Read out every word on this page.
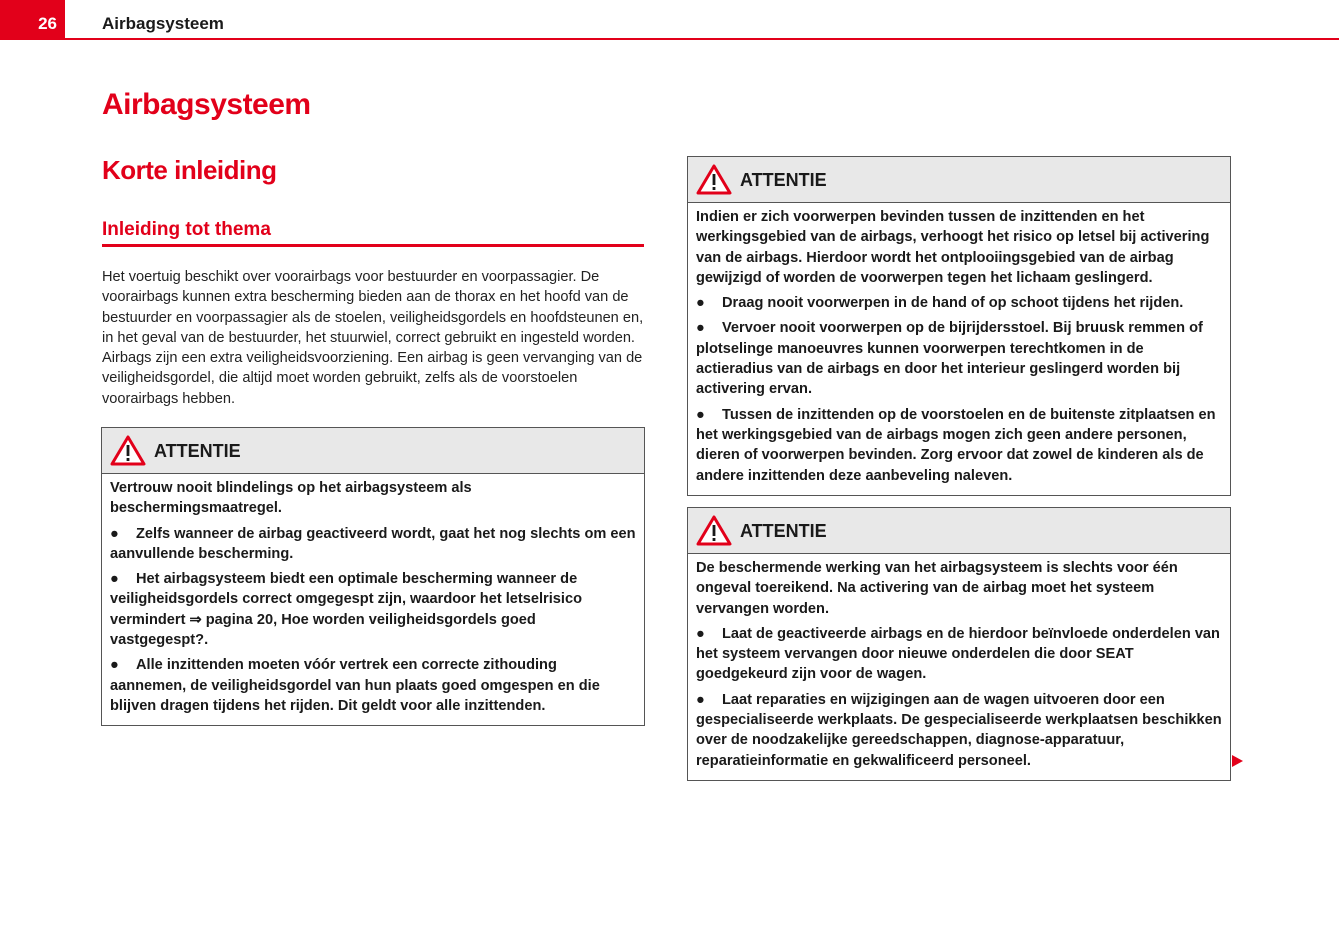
26	Airbagsysteem
Airbagsysteem
Korte inleiding
Inleiding tot thema
Het voertuig beschikt over voorairbags voor bestuurder en voorpassagier. De voorairbags kunnen extra bescherming bieden aan de thorax en het hoofd van de bestuurder en voorpassagier als de stoelen, veiligheidsgordels en hoofdsteunen en, in het geval van de bestuurder, het stuurwiel, correct gebruikt en ingesteld worden. Airbags zijn een extra veiligheidsvoorziening. Een airbag is geen vervanging van de veiligheidsgordel, die altijd moet worden gebruikt, zelfs als de voorstoelen voorairbags hebben.
ATTENTIE

Vertrouw nooit blindelings op het airbagsysteem als beschermingsmaatregel.

● Zelfs wanneer de airbag geactiveerd wordt, gaat het nog slechts om een aanvullende bescherming.

● Het airbagsysteem biedt een optimale bescherming wanneer de veiligheidsgordels correct omgegespt zijn, waardoor het letselrisico vermindert ⇒ pagina 20, Hoe worden veiligheidsgordels goed vastgegespt?.

● Alle inzittenden moeten vóór vertrek een correcte zithouding aannemen, de veiligheidsgordel van hun plaats goed omgespen en die blijven dragen tijdens het rijden. Dit geldt voor alle inzittenden.

ATTENTIE

Indien er zich voorwerpen bevinden tussen de inzittenden en het werkingsgebied van de airbags, verhoogt het risico op letsel bij activering van de airbags. Hierdoor wordt het ontplooiingsgebied van de airbag gewijzigd of worden de voorwerpen tegen het lichaam geslingerd.

● Draag nooit voorwerpen in de hand of op schoot tijdens het rijden.

● Vervoer nooit voorwerpen op de bijrijdersstoel. Bij bruusk remmen of plotselinge manoeuvres kunnen voorwerpen terechtkomen in de actieradius van de airbags en door het interieur geslingerd worden bij activering ervan.

● Tussen de inzittenden op de voorstoelen en de buitenste zitplaatsen en het werkingsgebied van de airbags mogen zich geen andere personen, dieren of voorwerpen bevinden. Zorg ervoor dat zowel de kinderen als de andere inzittenden deze aanbeveling naleven.

ATTENTIE

De beschermende werking van het airbagsysteem is slechts voor één ongeval toereikend. Na activering van de airbag moet het systeem vervangen worden.

● Laat de geactiveerde airbags en de hierdoor beïnvloede onderdelen van het systeem vervangen door nieuwe onderdelen die door SEAT goedgekeurd zijn voor de wagen.

● Laat reparaties en wijzigingen aan de wagen uitvoeren door een gespecialiseerde werkplaats. De gespecialiseerde werkplaatsen beschikken over de noodzakelijke gereedschappen, diagnose-apparatuur, reparatieinformatie en gekwalificeerd personeel.
